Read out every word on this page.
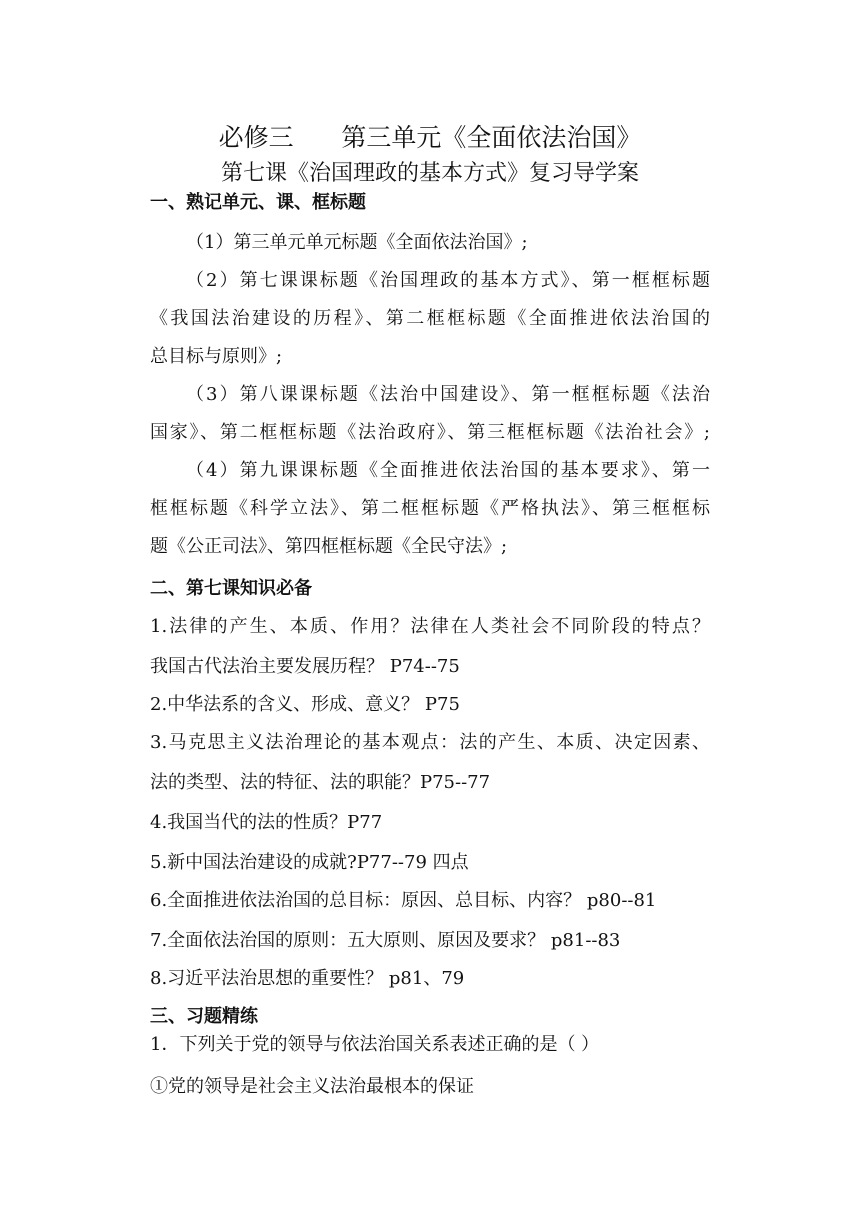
必修三      第三单元《全面依法治国》
第七课《治国理政的基本方式》复习导学案
一、熟记单元、课、框标题
（1）第三单元单元标题《全面依法治国》;
（2）第七课课标题《治国理政的基本方式》、第一框框标题
《我国法治建设的历程》、第二框框标题《全面推进依法治国的
总目标与原则》;
（3）第八课课标题《法治中国建设》、第一框框标题《法治
国家》、第二框框标题《法治政府》、第三框框标题《法治社会》;
（4）第九课课标题《全面推进依法治国的基本要求》、第一
框框标题《科学立法》、第二框框标题《严格执法》、第三框框标
题《公正司法》、第四框框标题《全民守法》;
二、第七课知识必备
1.法律的产生、本质、作用？法律在人类社会不同阶段的特点？
我国古代法治主要发展历程？ P74--75
2.中华法系的含义、形成、意义？ P75
3.马克思主义法治理论的基本观点：法的产生、本质、决定因素、
法的类型、法的特征、法的职能？P75--77
4.我国当代的法的性质？P77
5.新中国法治建设的成就?P77--79 四点
6.全面推进依法治国的总目标：原因、总目标、内容？ p80--81
7.全面依法治国的原则：五大原则、原因及要求？ p81--83
8.习近平法治思想的重要性？ p81、79
三、习题精练
1．下列关于党的领导与依法治国关系表述正确的是（ ）
①党的领导是社会主义法治最根本的保证
